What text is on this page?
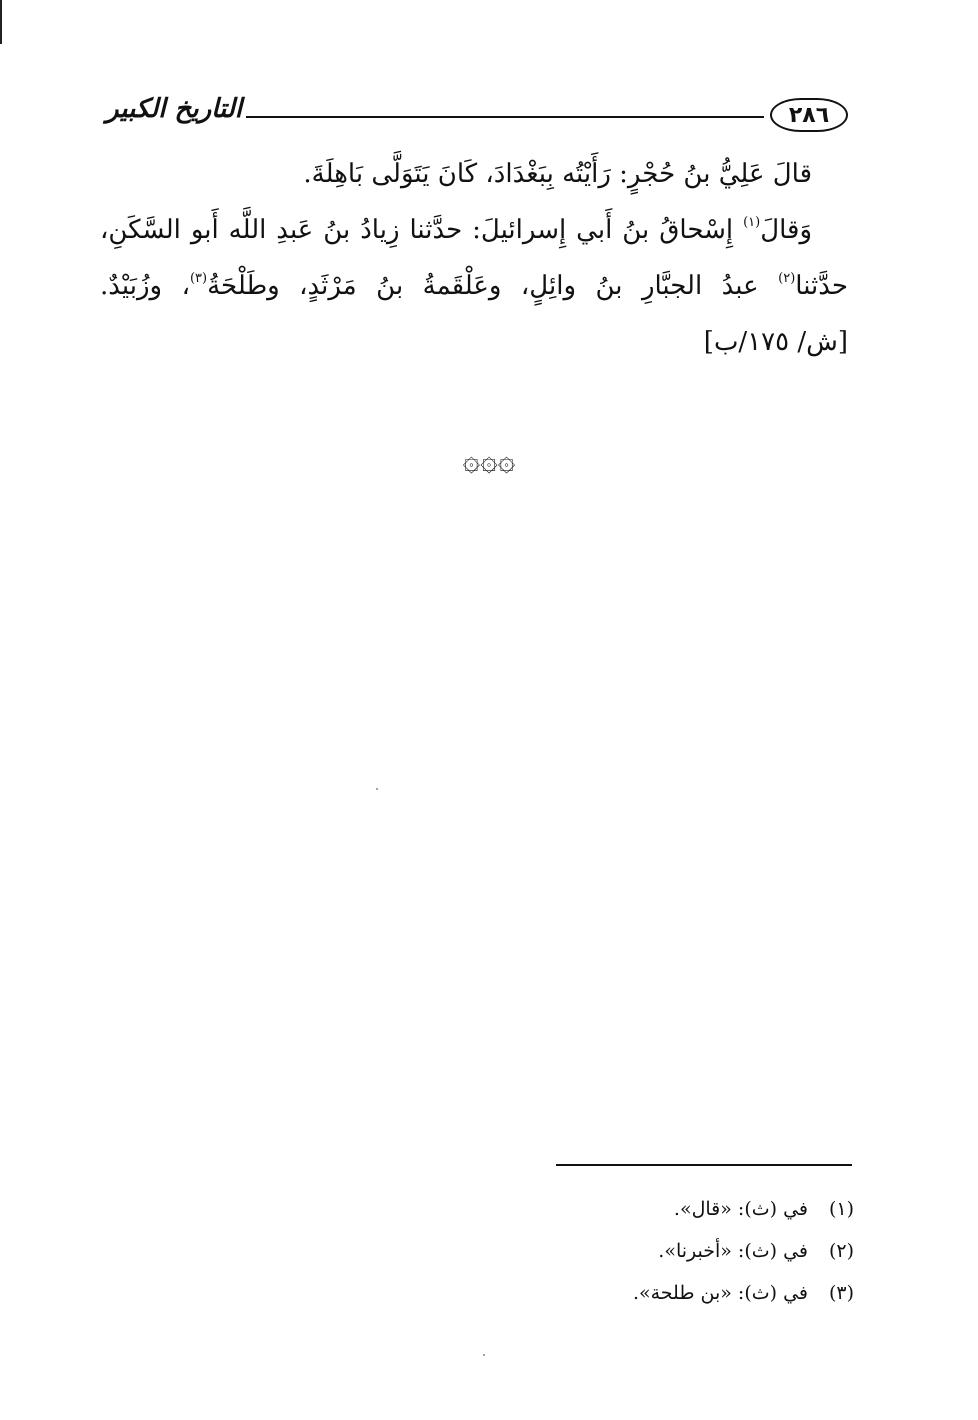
٢٨٦
التاريخ الكبير

قالَ عَلِيُّ بنُ حُجْرٍ: رَأَيْتُه بِبَغْدَادَ، كَانَ يَتَوَلَّى بَاهِلَةَ.

وَقالَ$^{(١)}$ إِسْحاقُ بنُ أَبي إِسرائيلَ: حدَّثنا زِيادُ بنُ عَبدِ اللَّه أَبو السَّكَنِ، حدَّثنا$^{(٢)}$ عبدُ الجبَّارِ بنُ وائِلٍ، وعَلْقَمةُ بنُ مَرْثَدٍ، وطَلْحَةُ$^{(٣)}$، وزُبَيْدٌ. [ش/ ١٧٥/ب]

۞۞۞
(١)
في (ث): «قال».
(٢)
في (ث): «أخبرنا».
(٣)
في (ث): «بن طلحة».
